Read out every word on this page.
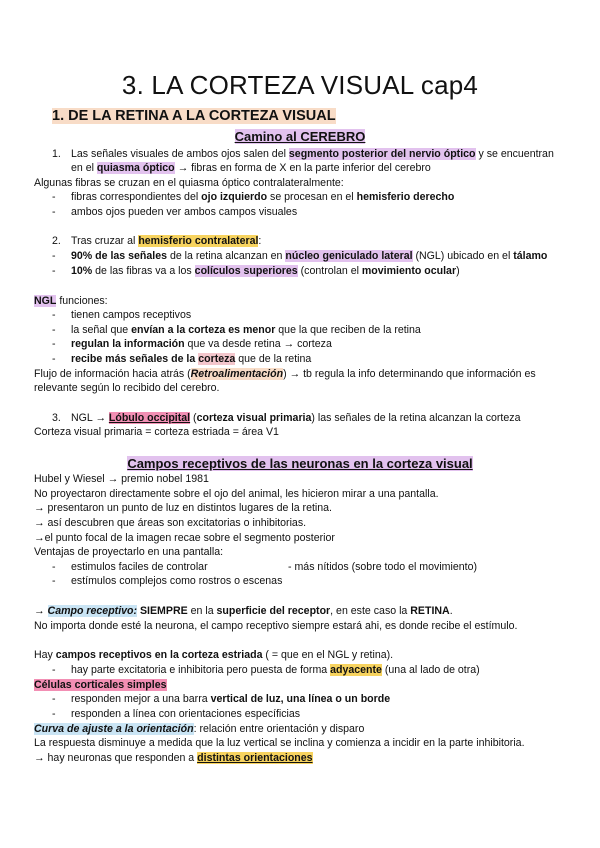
3. LA CORTEZA VISUAL cap4
1. DE LA RETINA A LA CORTEZA VISUAL
Camino al CEREBRO
1. Las señales visuales de ambos ojos salen del segmento posterior del nervio óptico y se encuentran
en el quiasma óptico → fibras en forma de X en la parte inferior del cerebro
Algunas fibras se cruzan en el quiasma óptico contralateralmente:
- fibras correspondientes del ojo izquierdo se procesan en el hemisferio derecho
- ambos ojos pueden ver ambos campos visuales
2. Tras cruzar al hemisferio contralateral:
- 90% de las señales de la retina alcanzan en núcleo geniculado lateral (NGL) ubicado en el tálamo
- 10% de las fibras va a los colículos superiores (controlan el movimiento ocular)
NGL funciones:
- tienen campos receptivos
- la señal que envían a la corteza es menor que la que reciben de la retina
- regulan la información que va desde retina → corteza
- recibe más señales de la corteza que de la retina
Flujo de información hacia atrás (Retroalimentación) → tb regula la info determinando que información es
relevante según lo recibido del cerebro.
3. NGL → Lóbulo occipital (corteza visual primaria) las señales de la retina alcanzan la corteza
Corteza visual primaria = corteza estriada = área V1
Campos receptivos de las neuronas en la corteza visual
Hubel y Wiesel → premio nobel 1981
No proyectaron directamente sobre el ojo del animal, les hicieron mirar a una pantalla.
→ presentaron un punto de luz en distintos lugares de la retina.
→ así descubren que áreas son excitatorias o inhibitorias.
→el punto focal de la imagen recae sobre el segmento posterior
Ventajas de proyectarlo en una pantalla:
- estimulos faciles de controlar	- más nítidos (sobre todo el movimiento)
- estímulos complejos como rostros o escenas
→ Campo receptivo: SIEMPRE en la superficie del receptor, en este caso la RETINA.
No importa donde esté la neurona, el campo receptivo siempre estará ahi, es donde recibe el estímulo.
Hay campos receptivos en la corteza estriada ( = que en el NGL y retina).
- hay parte excitatoria e inhibitoria pero puesta de forma adyacente (una al lado de otra)
Células corticales simples
- responden mejor a una barra vertical de luz, una línea o un borde
- responden a línea con orientaciones específicias
Curva de ajuste a la orientación: relación entre orientación y disparo
La respuesta disminuye a medida que la luz vertical se inclina y comienza a incidir en la parte inhibitoria.
→ hay neuronas que responden a distintas orientaciones
